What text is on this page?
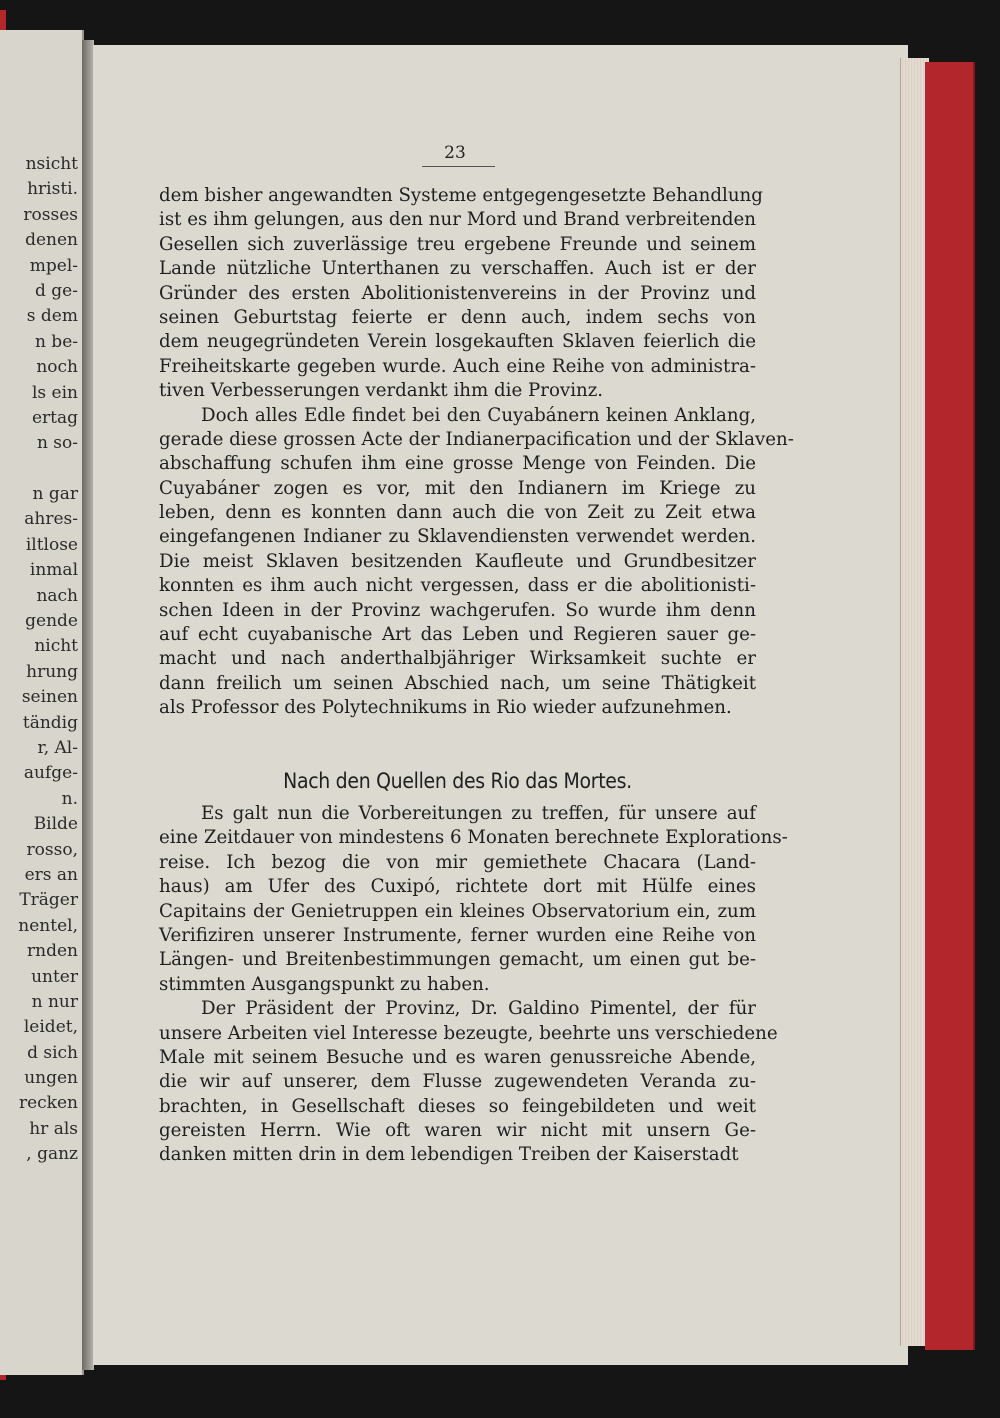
nsicht
hristi.
rosses
denen
mpel-
d ge-
s dem
n be-
noch
ls ein
ertag
n so-
n gar
ahres-
iltlose
inmal
nach
gende
nicht
hrung
seinen
tändig
r, Al-
aufge-
n.
Bilde
rosso,
ers an
Träger
nentel,
rnden
unter
n nur
leidet,
d sich
ungen
recken
hr als
, ganz
23
dem bisher angewandten Systeme entgegengesetzte Behandlung
ist es ihm gelungen, aus den nur Mord und Brand verbreitenden
Gesellen sich zuverlässige treu ergebene Freunde und seinem
Lande nützliche Unterthanen zu verschaffen. Auch ist er der
Gründer des ersten Abolitionistenvereins in der Provinz und
seinen Geburtstag feierte er denn auch, indem sechs von
dem neugegründeten Verein losgekauften Sklaven feierlich die
Freiheitskarte gegeben wurde. Auch eine Reihe von administra-
tiven Verbesserungen verdankt ihm die Provinz.
Doch alles Edle findet bei den Cuyabánern keinen Anklang,
gerade diese grossen Acte der Indianerpacification und der Sklaven-
abschaffung schufen ihm eine grosse Menge von Feinden. Die
Cuyabáner zogen es vor, mit den Indianern im Kriege zu
leben, denn es konnten dann auch die von Zeit zu Zeit etwa
eingefangenen Indianer zu Sklavendiensten verwendet werden.
Die meist Sklaven besitzenden Kaufleute und Grundbesitzer
konnten es ihm auch nicht vergessen, dass er die abolitionisti-
schen Ideen in der Provinz wachgerufen. So wurde ihm denn
auf echt cuyabanische Art das Leben und Regieren sauer ge-
macht und nach anderthalbjähriger Wirksamkeit suchte er
dann freilich um seinen Abschied nach, um seine Thätigkeit
als Professor des Polytechnikums in Rio wieder aufzunehmen.
Nach den Quellen des Rio das Mortes.
Es galt nun die Vorbereitungen zu treffen, für unsere auf
eine Zeitdauer von mindestens 6 Monaten berechnete Explorations-
reise. Ich bezog die von mir gemiethete Chacara (Land-
haus) am Ufer des Cuxipó, richtete dort mit Hülfe eines
Capitains der Genietruppen ein kleines Observatorium ein, zum
Verifiziren unserer Instrumente, ferner wurden eine Reihe von
Längen- und Breitenbestimmungen gemacht, um einen gut be-
stimmten Ausgangspunkt zu haben.
Der Präsident der Provinz, Dr. Galdino Pimentel, der für
unsere Arbeiten viel Interesse bezeugte, beehrte uns verschiedene
Male mit seinem Besuche und es waren genussreiche Abende,
die wir auf unserer, dem Flusse zugewendeten Veranda zu-
brachten, in Gesellschaft dieses so feingebildeten und weit
gereisten Herrn. Wie oft waren wir nicht mit unsern Ge-
danken mitten drin in dem lebendigen Treiben der Kaiserstadt
